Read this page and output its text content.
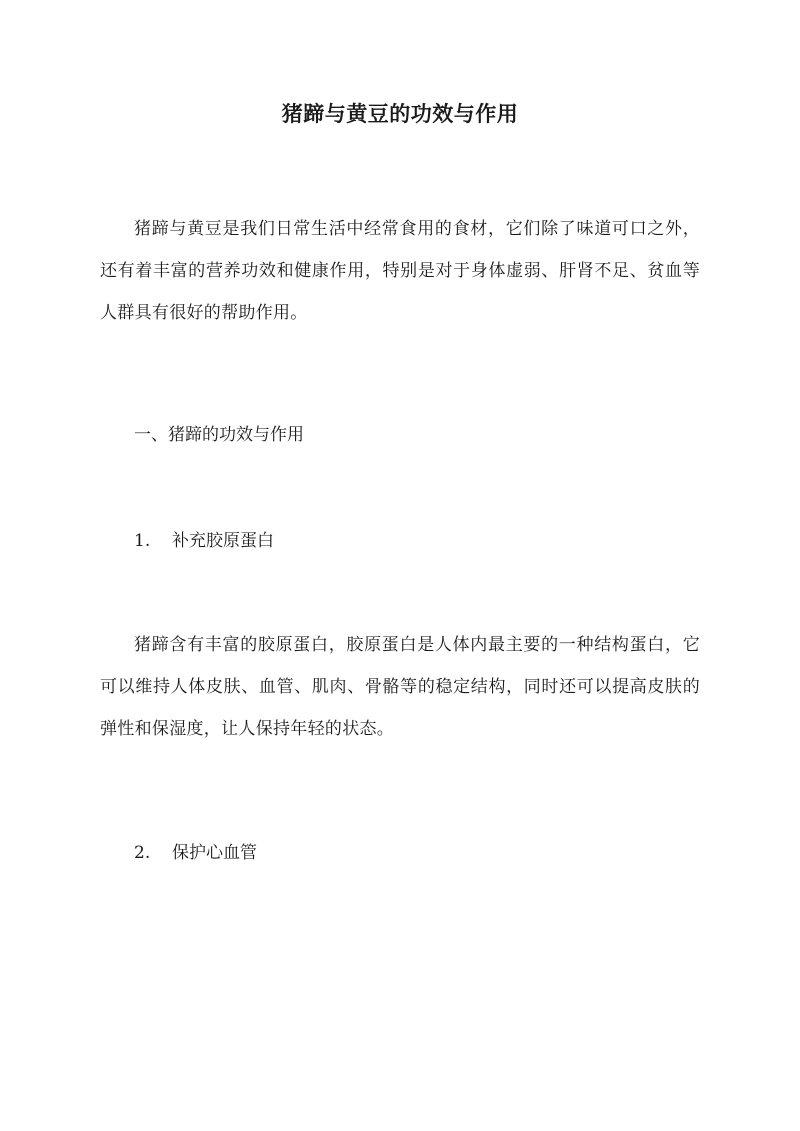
猪蹄与黄豆的功效与作用

猪蹄与黄豆是我们日常生活中经常食用的食材，它们除了味道可口之外，还有着丰富的营养功效和健康作用，特别是对于身体虚弱、肝肾不足、贫血等人群具有很好的帮助作用。

一、猪蹄的功效与作用

1. 补充胶原蛋白

猪蹄含有丰富的胶原蛋白，胶原蛋白是人体内最主要的一种结构蛋白，它可以维持人体皮肤、血管、肌肉、骨骼等的稳定结构，同时还可以提高皮肤的弹性和保湿度，让人保持年轻的状态。

2. 保护心血管
